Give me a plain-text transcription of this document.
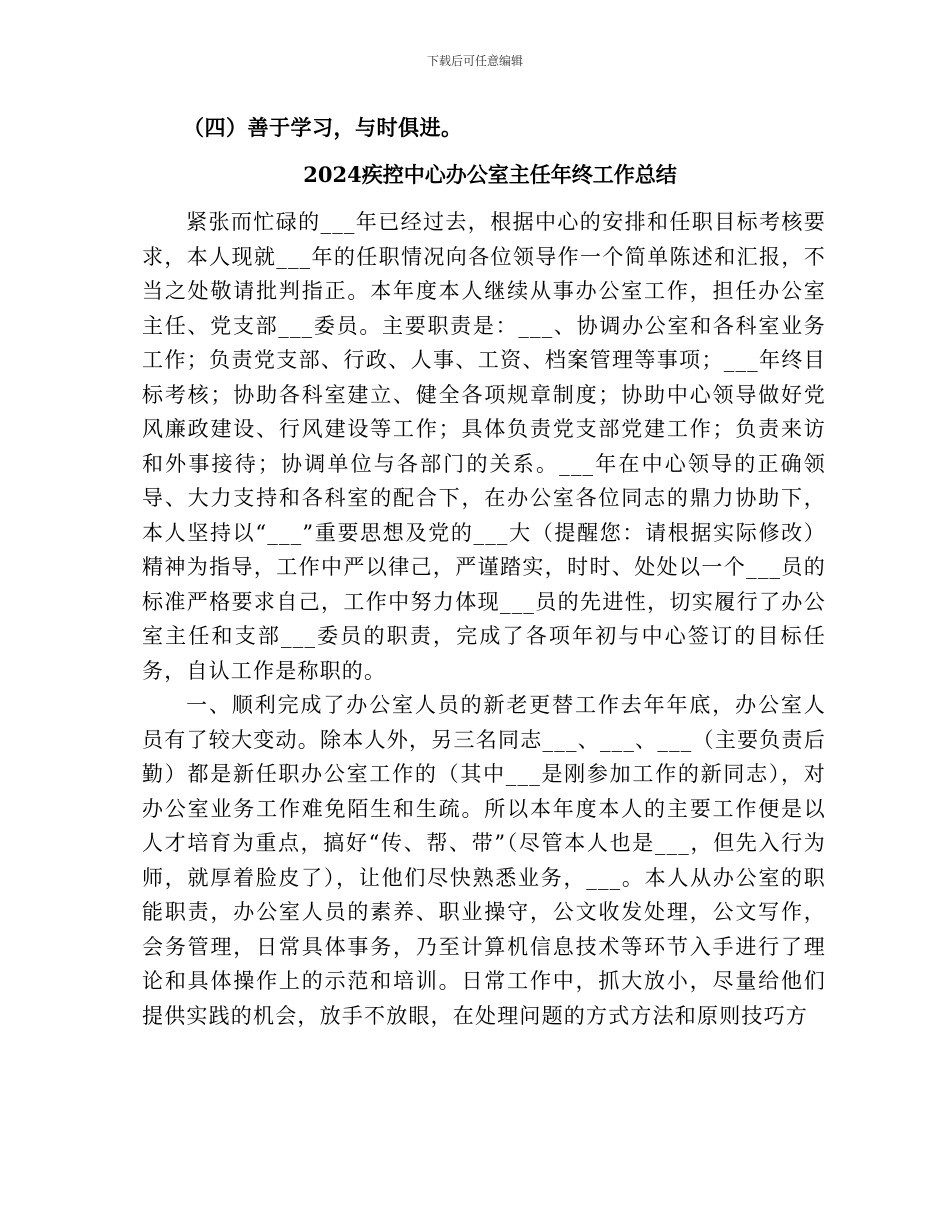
下载后可任意编辑
（四）善于学习，与时俱进。
2024疾控中心办公室主任年终工作总结

紧张而忙碌的___年已经过去，根据中心的安排和任职目标考核要求，本人现就___年的任职情况向各位领导作一个简单陈述和汇报，不当之处敬请批判指正。本年度本人继续从事办公室工作，担任办公室主任、党支部___委员。主要职责是：___、协调办公室和各科室业务工作；负责党支部、行政、人事、工资、档案管理等事项；___年终目标考核；协助各科室建立、健全各项规章制度；协助中心领导做好党风廉政建设、行风建设等工作；具体负责党支部党建工作；负责来访和外事接待；协调单位与各部门的关系。___年在中心领导的正确领导、大力支持和各科室的配合下，在办公室各位同志的鼎力协助下，本人坚持以“___”重要思想及党的___大（提醒您：请根据实际修改）精神为指导，工作中严以律己，严谨踏实，时时、处处以一个___员的标准严格要求自己，工作中努力体现___员的先进性，切实履行了办公室主任和支部___委员的职责，完成了各项年初与中心签订的目标任务，自认工作是称职的。

一、顺利完成了办公室人员的新老更替工作去年年底，办公室人员有了较大变动。除本人外，另三名同志___、___、___（主要负责后勤）都是新任职办公室工作的（其中___是刚参加工作的新同志），对办公室业务工作难免陌生和生疏。所以本年度本人的主要工作便是以人才培育为重点，搞好“传、帮、带”（尽管本人也是___，但先入行为师，就厚着脸皮了），让他们尽快熟悉业务，___。本人从办公室的职能职责，办公室人员的素养、职业操守，公文收发处理，公文写作，会务管理，日常具体事务，乃至计算机信息技术等环节入手进行了理论和具体操作上的示范和培训。日常工作中，抓大放小，尽量给他们提供实践的机会，放手不放眼，在处理问题的方式方法和原则技巧方
